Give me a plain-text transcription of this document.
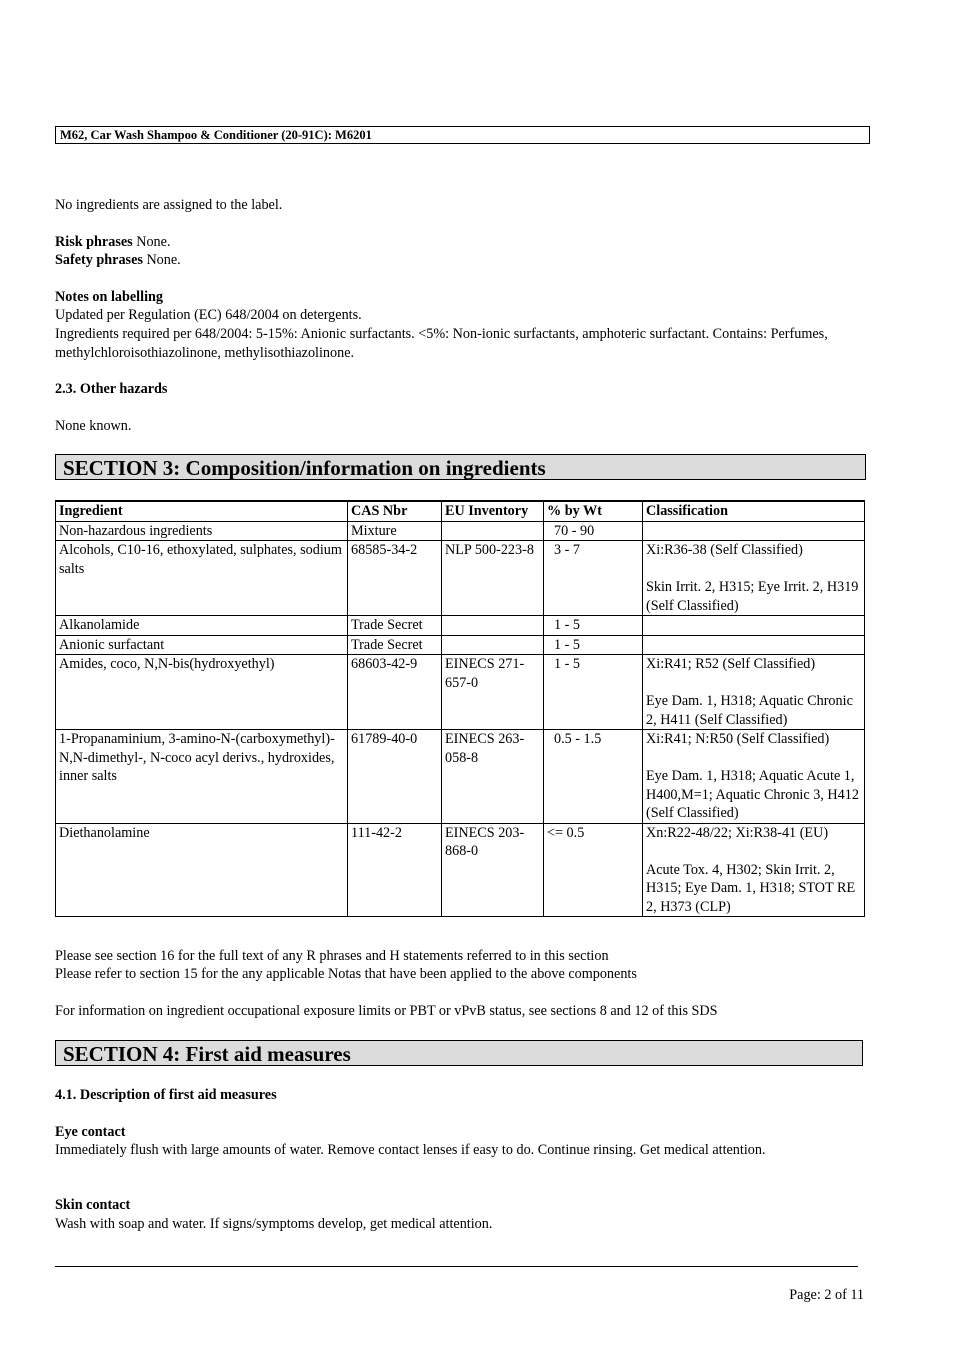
M62, Car Wash Shampoo & Conditioner (20-91C): M6201
No ingredients are assigned to the label.
Risk phrases None.
Safety phrases None.
Notes on labelling
Updated per Regulation (EC) 648/2004 on detergents.
Ingredients required per 648/2004: 5-15%: Anionic surfactants. <5%: Non-ionic surfactants, amphoteric surfactant. Contains: Perfumes, methylchloroisothiazolinone, methylisothiazolinone.
2.3. Other hazards
None known.
SECTION 3: Composition/information on ingredients
Ingredient	CAS Nbr	EU Inventory	% by Wt	Classification
Non-hazardous ingredients	Mixture		70 - 90	
Alcohols, C10-16, ethoxylated, sulphates, sodium salts	68585-34-2	NLP 500-223-8	3 - 7	Xi:R36-38 (Self Classified)
Skin Irrit. 2, H315; Eye Irrit. 2, H319 (Self Classified)
Alkanolamide	Trade Secret		1 - 5	
Anionic surfactant	Trade Secret		1 - 5	
Amides, coco, N,N-bis(hydroxyethyl)	68603-42-9	EINECS 271-657-0	1 - 5	Xi:R41; R52 (Self Classified)
Eye Dam. 1, H318; Aquatic Chronic 2, H411 (Self Classified)
1-Propanaminium, 3-amino-N-(carboxymethyl)-N,N-dimethyl-, N-coco acyl derivs., hydroxides, inner salts	61789-40-0	EINECS 263-058-8	0.5 - 1.5	Xi:R41; N:R50 (Self Classified)
Eye Dam. 1, H318; Aquatic Acute 1, H400,M=1; Aquatic Chronic 3, H412 (Self Classified)
Diethanolamine	111-42-2	EINECS 203-868-0	<= 0.5	Xn:R22-48/22; Xi:R38-41 (EU)
Acute Tox. 4, H302; Skin Irrit. 2, H315; Eye Dam. 1, H318; STOT RE 2, H373 (CLP)
Please see section 16 for the full text of any R phrases and H statements referred to in this section
Please refer to section 15 for the any applicable Notas that have been applied to the above components
For information on ingredient occupational exposure limits or PBT or vPvB status, see sections 8 and 12 of this SDS
SECTION 4: First aid measures
4.1. Description of first aid measures
Eye contact
Immediately flush with large amounts of water. Remove contact lenses if easy to do. Continue rinsing. Get medical attention.
Skin contact
Wash with soap and water. If signs/symptoms develop, get medical attention.
Page: 2 of 11
